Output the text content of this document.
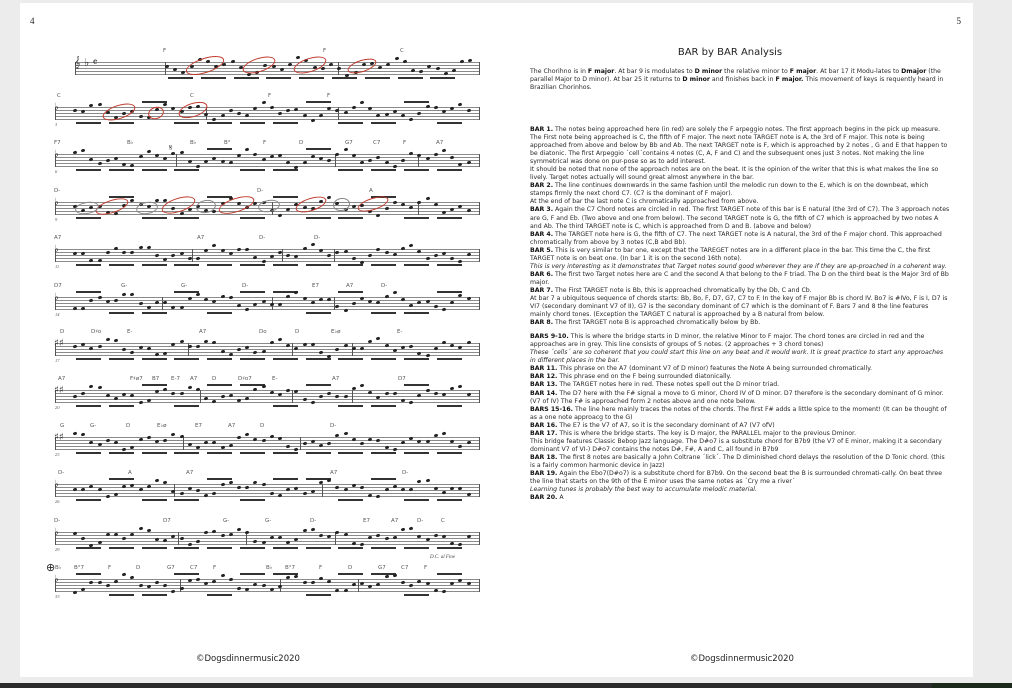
4
F	F	C
𝄞 ♭ 𝄴
C	C	F	F
♭
3
F7	B♭	B♭	B°	F	D	G7	C7	F	A7
♭
6
D-	D-	A
♭
9
A7	A7	D-	D-
♭
11
D7	G-	G-	D-	E7	A7	D-
♭
14
D	D♯o	E-	A7	Do	D	E♭ø	E-
♯♯
17
A7	F♯ø7 B7 E-7 A7	D	D♯o7	E-	A7	D7
♯♯
20
G	G-	D	E♭ø	E7	A7	D	D-
♯♯
23
D-	A	A7	A7	D-
♭
26
D-	D7	G-	G-	D-	E7	A7	D-	C
♭
29
B♭ B°7	F	D	G7	C7	F	B♭ B°7	F	D	G7	C7	F
♭
33
𝄋
D.C. al Fine
⊕
©Dogsdinnermusic2020
5
BAR by BAR Analysis
The Chorihno is in F major. At bar 9 is modulates to D minor the relative minor to F major. At bar 17 it Modu-lates to Dmajor (the parallel Major to D minor). At bar 25 it returns to D minor and finishes back in F major. This movement of keys is requently heard in Brazilian Chorinhos.

BAR 1. The notes being approached here (in red) are solely the F arpeggio notes. The first approach begins in the pick up measure. The First note being approached is C, the fifth of F major. The next note TARGET note is A, the 3rd of F major. This note is being approached from above and below by Bb and Ab. The next TARGET note is F, which is approached by 2 notes , G and E that happen to be diatonic. The first Arpeggio ´cell´contains 4 notes (C, A, F and C) and the subsequent ones just 3 notes. Not making the line symmetrical was done on pur-pose so as to add interest.

It should be noted that none of the approach notes are on the beat. It is the opinion of the writer that this is what makes the line so lively. Target notes actually will sound great almost anywhere in the bar.

BAR 2. The line continues downwards in the same fashion until the melodic run down to the E, which is on the downbeat, which stamps firmly the next chord C7. (C7 is the dominant of F major).

At the end of bar the last note C is chromatically approached from above.

BAR 3. Again the C7 Chord notes are circled in red. The first TARGET note of this bar is E natural (the 3rd of C7). The 3 approach notes are G, F and Eb. (Two above and one from below). The second TARGET note is G, the fifth of C7 which is approached by two notes A and Ab. The third TARGET note is C, which is approached from D and B. (above and below)

BAR 4. The TARGET note here is G, the fifth of C7. The next TARGET note is A natural, the 3rd of the F major chord. This approached chromatically from above by 3 notes (C,B abd Bb).

BAR 5. This is very similar to bar one, except that the TAREGET notes are in a different place in the bar. This time the C, the first TARGET note is on beat one. (In bar 1 it is on the second 16th note).

This is very interesting as it demonstrates that Target notes sound good wherever they are if they are ap-proached in a coherent way.

BAR 6. The first two Target notes here are C and the second A that belong to the F triad. The D on the third beat is the Major 3rd of Bb major.

BAR 7. The First TARGET note is Bb, this is approached chromatically by the Db, C and Cb.

At bar 7 a ubiquitous sequence of chords starts: Bb, Bo, F, D7, G7, C7 to F. In the key of F major Bb is chord IV. Bo7 is #IVo, F is I, D7 is VI7 (secondary dominant V7 of II), G7 is the secondary dominant of C7 which is the dominant of F. Bars 7 and 8 the line features mainly chord tones. (Exception the TARGET C natural is approached by a B natural from below.

BAR 8. The first TARGET note B is approached chromatically below by Bb.

BARS 9-10. This is where the bridge starts in D minor, the relative Minor to F major. The chord tones are circled in red and the approaches are in grey. This line consists of groups of 5 notes. (2 approaches + 3 chord tones)

These ´cells´ are so coherent that you could start this line on any beat and it would work. It is great practice to start any approaches in different places in the bar.

BAR 11. This phrase on the A7 (dominant V7 of D minor) features the Note A being surrounded chromatically.

BAR 12. This phrase end on the F being surrounded diatonically.

BAR 13. The TARGET notes here in red. These notes spell out the D minor triad.

BAR 14. The D7 here with the F# signal a move to G minor, Chord IV of D minor. D7 therefore is the secondary dominant of G minor. (V7 of IV) The F# is approached form 2 notes above and one note below.

BARS 15-16. The line here mainly traces the notes of the chords. The first F# adds a little spice to the moment! (It can be thought of as a one note approacg to the G)

BAR 16. The E7 is the V7 of A7, so it is the secondary dominant of A7 (V7 ofV)

BAR 17. This is where the bridge starts. The key is D major, the PARALLEL major to the previous Dminor.

This bridge features Classic Bebop Jazz language. The D#o7 is a substitute chord for B7b9 (the V7 of E minor, making it a secondary dominant V7 of VI-) D#o7 contains the notes D#, F#, A and C, all found in B7b9

BAR 18. The first 8 notes are basically a John Coltrane ´lick´. The D diminished chord delays the resolution of the D Tonic chord. (this is a fairly common harmonic device in Jazz)

BAR 19. Again the Ebo7(D#o7) is a substitute chord for B7b9. On the second beat the B is surrounded chromati-cally. On beat three the line that starts on the 9th of the E minor uses the same notes as ´Cry me a river´

Learning tunes is probably the best way to accumulate melodic material.

BAR 20. A

©Dogsdinnermusic2020
